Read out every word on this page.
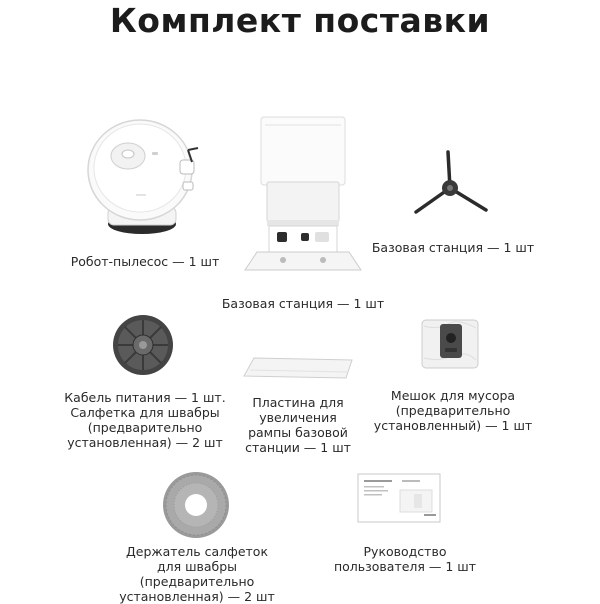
Комплект поставки
Робот-пылесос — 1 шт
Базовая станция — 1 шт
Базовая станция — 1 шт
Кабель питания — 1 шт.
Салфетка для швабры
(предварительно
установленная) — 2 шт
Пластина для
увеличения
рампы базовой
станции — 1 шт
Мешок для мусора
(предварительно
установленный) — 1 шт
Держатель салфеток
для швабры
(предварительно
установленная) — 2 шт
Руководство
пользователя — 1 шт
